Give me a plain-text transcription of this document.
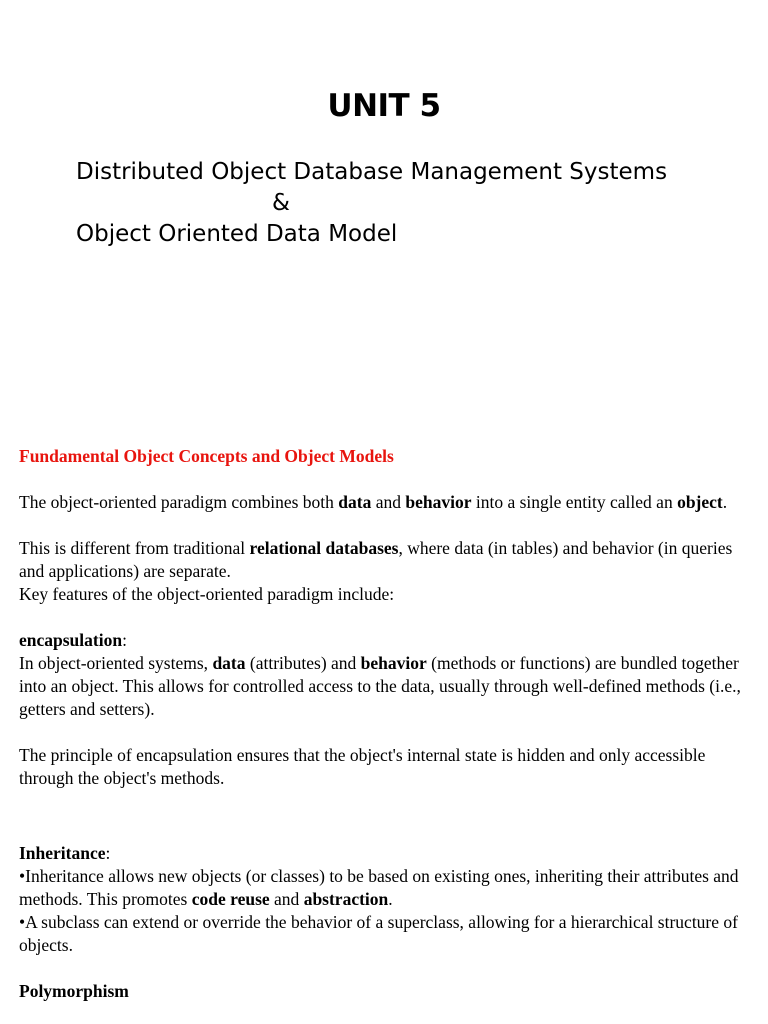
UNIT 5

Distributed Object Database Management Systems

&

Object Oriented Data Model

Fundamental Object Concepts and Object Models

The object-oriented paradigm combines both data and behavior into a single entity called an object.

This is different from traditional relational databases, where data (in tables) and behavior (in queries and applications) are separate.

Key features of the object-oriented paradigm include:

encapsulation:

In object-oriented systems, data (attributes) and behavior (methods or functions) are bundled together into an object. This allows for controlled access to the data, usually through well-defined methods (i.e., getters and setters).

The principle of encapsulation ensures that the object's internal state is hidden and only accessible through the object's methods.

Inheritance:

•Inheritance allows new objects (or classes) to be based on existing ones, inheriting their attributes and methods. This promotes code reuse and abstraction.

•A subclass can extend or override the behavior of a superclass, allowing for a hierarchical structure of objects.

Polymorphism
